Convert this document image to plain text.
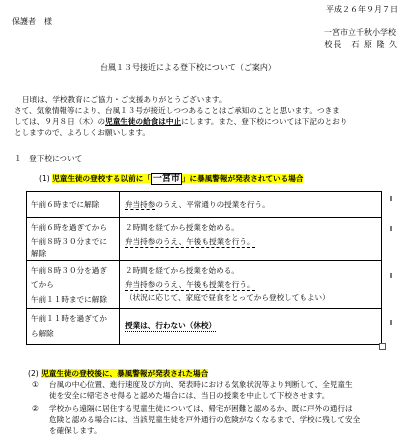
平成２６年９月７日
保護者　様
一宮市立千秋小学校
校長　石 原 隆 久
台風１３号接近による登下校について（ご案内）
日頃は、学校教育にご協力・ご支援ありがとうございます。
さて、気象情報等により、台風１３号が接近しつつあることはご承知のことと思います。つきま
しては、９月８日（木）の児童生徒の給食は中止にします。また、登下校については下記のとおり
としますので、よろしくお願いします。
１　登下校について
(1) 児童生徒の登校する以前に「 一宮市 」に暴風警報が発表されている場合
午前６時までに解除	弁当持参のうえ、平常通りの授業を行う。
午前６時を過ぎてから
午前８時３０分までに
解除
２時間を経てから授業を始める。
弁当持参のうえ、午後も授業を行う。
午前８時３０分を過ぎ
てから
午前１１時までに解除
２時間を経てから授業を始める。
弁当持参のうえ、午後も授業を行う。
（状況に応じて、家庭で昼食をとってから登校してもよい）
午前１１時を過ぎてか
ら解除
授業は、行わない（休校）
(2) 児童生徒の登校後に、暴風警報が発表された場合
① 台風の中心位置、進行速度及び方向、発表時における気象状況等より判断して、全児童生
徒を安全に帰宅させ得ると認めた場合には、当日の授業を中止して下校させます。
② 学校から遠隔に居住する児童生徒については、帰宅が困難と認めるか、既に戸外の通行は
危険と認める場合には、当該児童生徒を戸外通行の危険がなくなるまで、学校に残して安全
を確保します。
